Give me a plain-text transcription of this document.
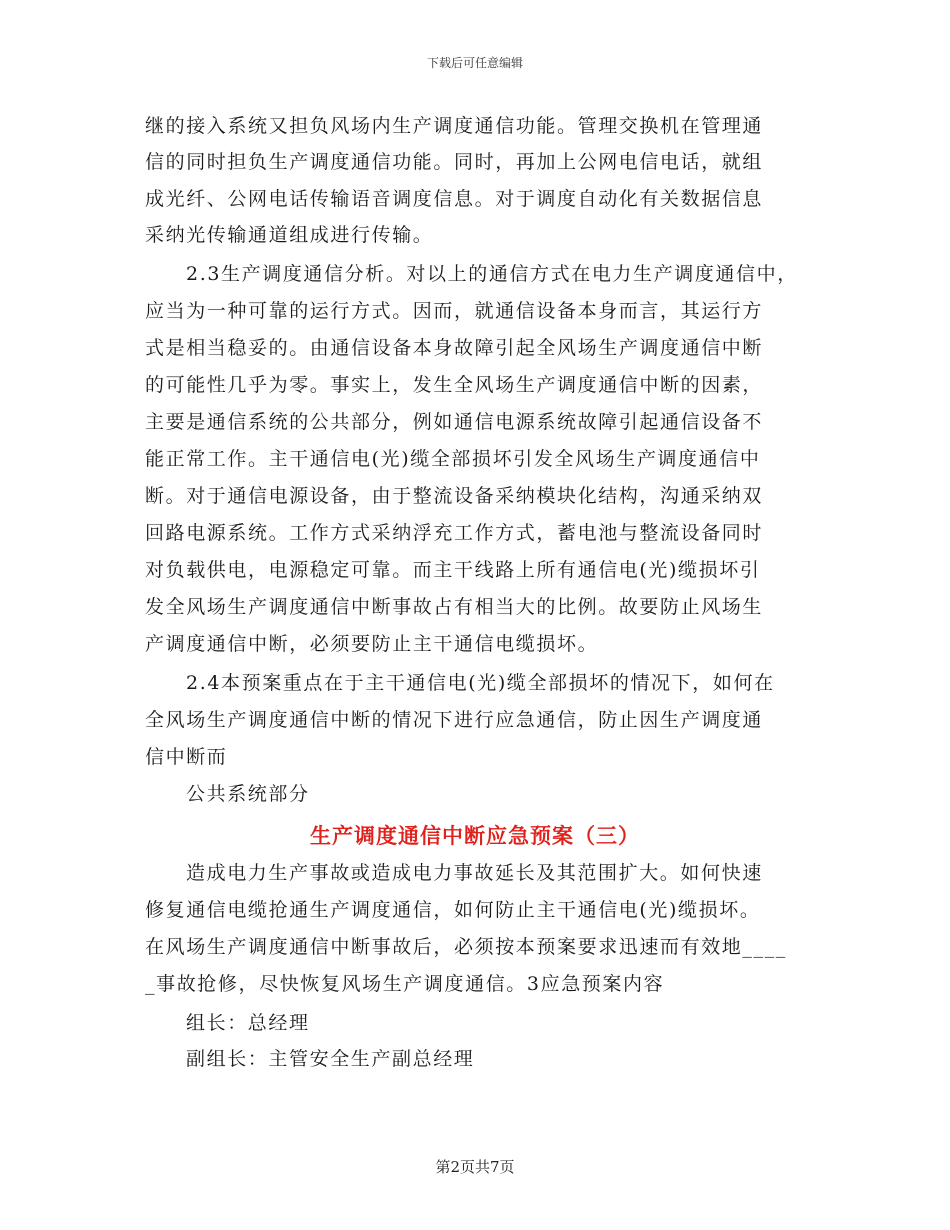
下载后可任意编辑
继的接入系统又担负风场内生产调度通信功能。管理交换机在管理通
信的同时担负生产调度通信功能。同时，再加上公网电信电话，就组
成光纤、公网电话传输语音调度信息。对于调度自动化有关数据信息
采纳光传输通道组成进行传输。
2.3生产调度通信分析。对以上的通信方式在电力生产调度通信中，
应当为一种可靠的运行方式。因而，就通信设备本身而言，其运行方
式是相当稳妥的。由通信设备本身故障引起全风场生产调度通信中断
的可能性几乎为零。事实上，发生全风场生产调度通信中断的因素，
主要是通信系统的公共部分，例如通信电源系统故障引起通信设备不
能正常工作。主干通信电(光)缆全部损坏引发全风场生产调度通信中
断。对于通信电源设备，由于整流设备采纳模块化结构，沟通采纳双
回路电源系统。工作方式采纳浮充工作方式，蓄电池与整流设备同时
对负载供电，电源稳定可靠。而主干线路上所有通信电(光)缆损坏引
发全风场生产调度通信中断事故占有相当大的比例。故要防止风场生
产调度通信中断，必须要防止主干通信电缆损坏。
2.4本预案重点在于主干通信电(光)缆全部损坏的情况下，如何在
全风场生产调度通信中断的情况下进行应急通信，防止因生产调度通
信中断而
公共系统部分
生产调度通信中断应急预案（三）
造成电力生产事故或造成电力事故延长及其范围扩大。如何快速
修复通信电缆抢通生产调度通信，如何防止主干通信电(光)缆损坏。
在风场生产调度通信中断事故后，必须按本预案要求迅速而有效地____
_事故抢修，尽快恢复风场生产调度通信。3应急预案内容
组长：总经理
副组长：主管安全生产副总经理
第2页共7页
